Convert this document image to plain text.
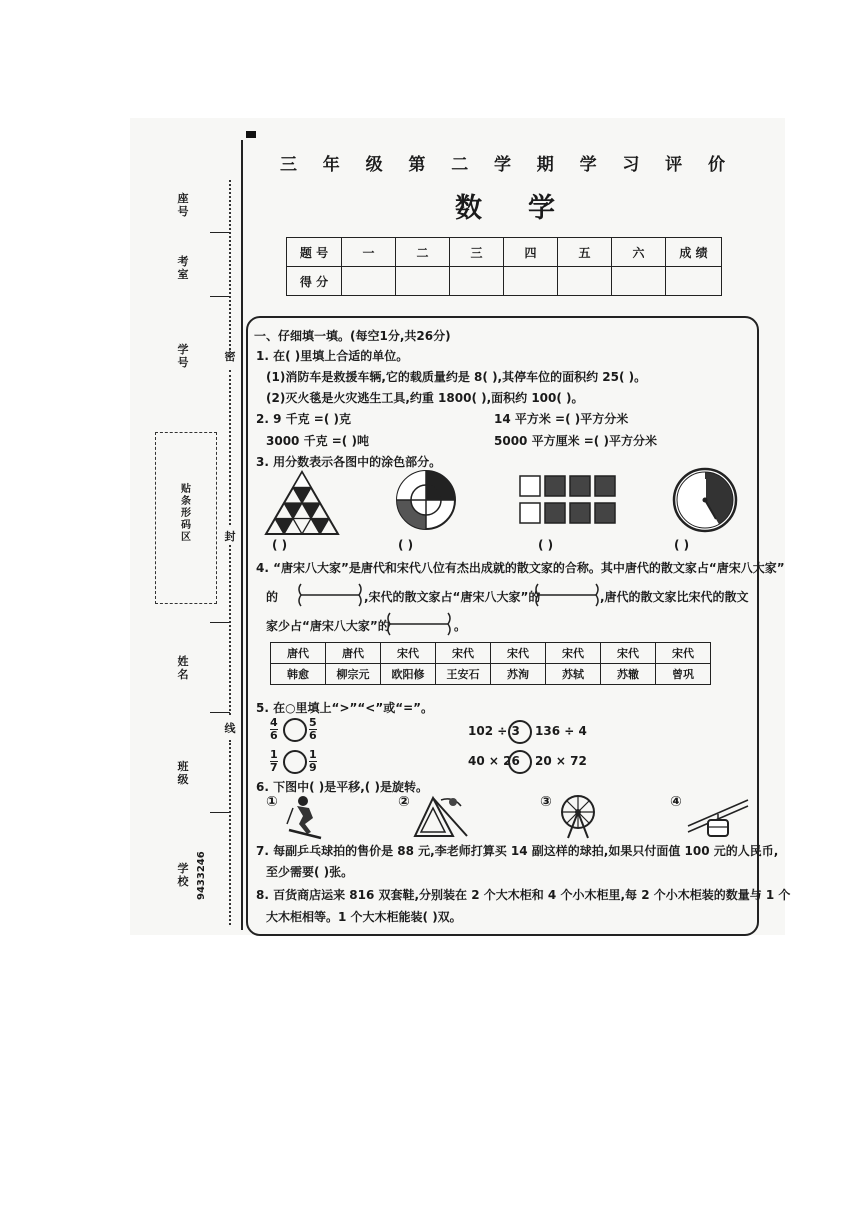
座号
考室
学号
贴条形码区
姓名
班级
学校
密
封
线
9433246
三 年 级 第 二 学 期 学 习 评 价
数 学
题 号	一	二	三	四	五	六	成 绩
得 分							
一、仔细填一填。(每空1分,共26分)
1. 在( )里填上合适的单位。
(1)消防车是救援车辆,它的载质量约是 8( ),其停车位的面积约 25( )。
(2)灭火毯是火灾逃生工具,约重 1800( ),面积约 100( )。
2. 9 千克 =( )克	14 平方米 =( )平方分米
3000 千克 =( )吨	5000 平方厘米 =( )平方分米
3. 用分数表示各图中的涂色部分。
( )	( )	( )	( )
4. “唐宋八大家”是唐代和宋代八位有杰出成就的散文家的合称。其中唐代的散文家占“唐宋八大家”
的	,宋代的散文家占“唐宋八大家”的	,唐代的散文家比宋代的散文
家少占“唐宋八大家”的	。
唐代	唐代	宋代	宋代	宋代	宋代	宋代	宋代
韩愈	柳宗元	欧阳修	王安石	苏洵	苏轼	苏辙	曾巩
5. 在○里填上“>”“<”或“=”。
$\frac{4}{6}$	$\frac{5}{6}$
$\frac{1}{7}$	$\frac{1}{9}$
102 ÷ 3 136 ÷ 4
40 × 26 20 × 72
6. 下图中( )是平移,( )是旋转。
①	②	③	④
7. 每副乒乓球拍的售价是 88 元,李老师打算买 14 副这样的球拍,如果只付面值 100 元的人民币,
至少需要( )张。
8. 百货商店运来 816 双套鞋,分别装在 2 个大木柜和 4 个小木柜里,每 2 个小木柜装的数量与 1 个
大木柜相等。1 个大木柜能装( )双。
